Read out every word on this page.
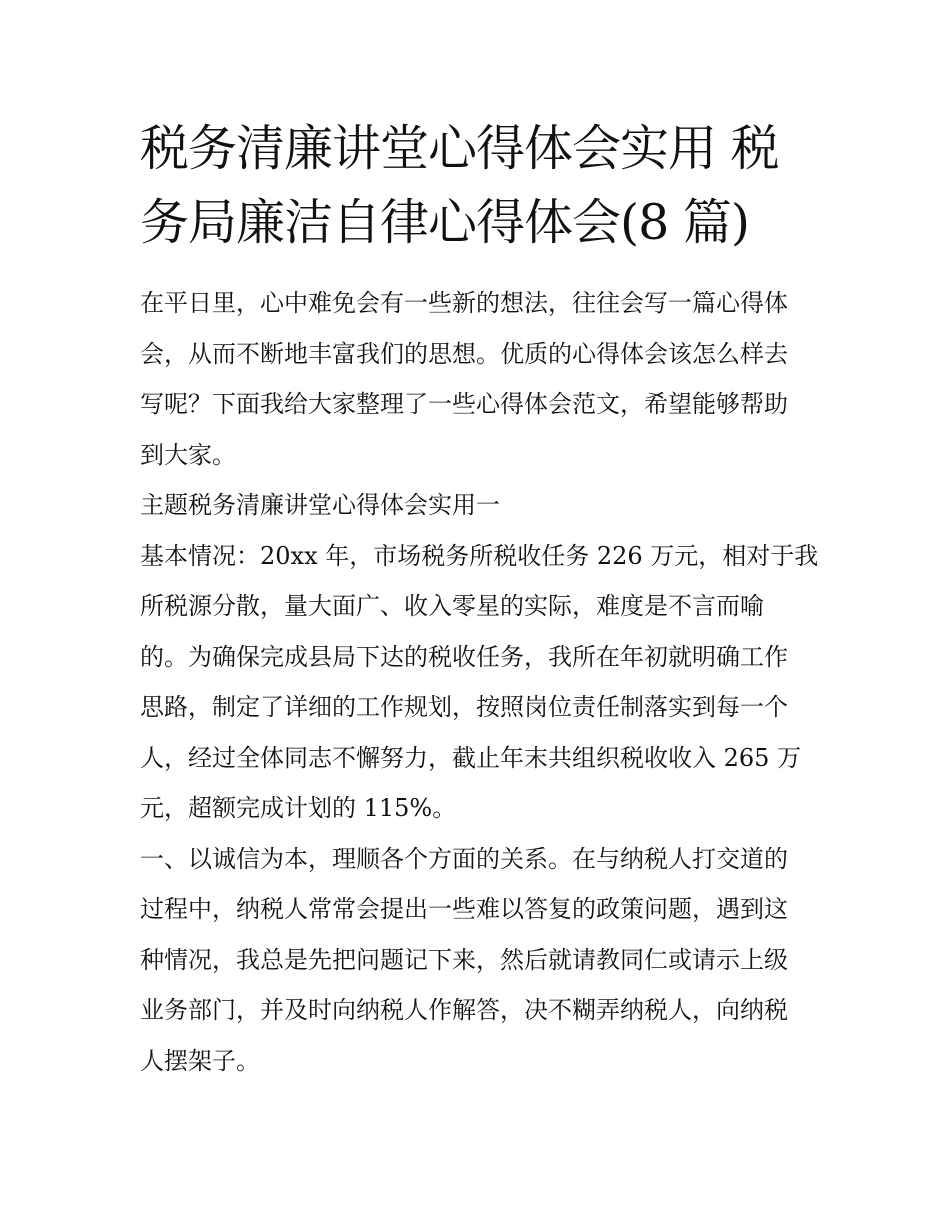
税务清廉讲堂心得体会实用 税
务局廉洁自律心得体会(8 篇)
在平日里，心中难免会有一些新的想法，往往会写一篇心得体
会，从而不断地丰富我们的思想。优质的心得体会该怎么样去
写呢？下面我给大家整理了一些心得体会范文，希望能够帮助
到大家。
主题税务清廉讲堂心得体会实用一
基本情况：20xx 年，市场税务所税收任务 226 万元，相对于我
所税源分散，量大面广、收入零星的实际，难度是不言而喻
的。为确保完成县局下达的税收任务，我所在年初就明确工作
思路，制定了详细的工作规划，按照岗位责任制落实到每一个
人，经过全体同志不懈努力，截止年末共组织税收收入 265 万
元，超额完成计划的 115%。
一、以诚信为本，理顺各个方面的关系。在与纳税人打交道的
过程中，纳税人常常会提出一些难以答复的政策问题，遇到这
种情况，我总是先把问题记下来，然后就请教同仁或请示上级
业务部门，并及时向纳税人作解答，决不糊弄纳税人，向纳税
人摆架子。
